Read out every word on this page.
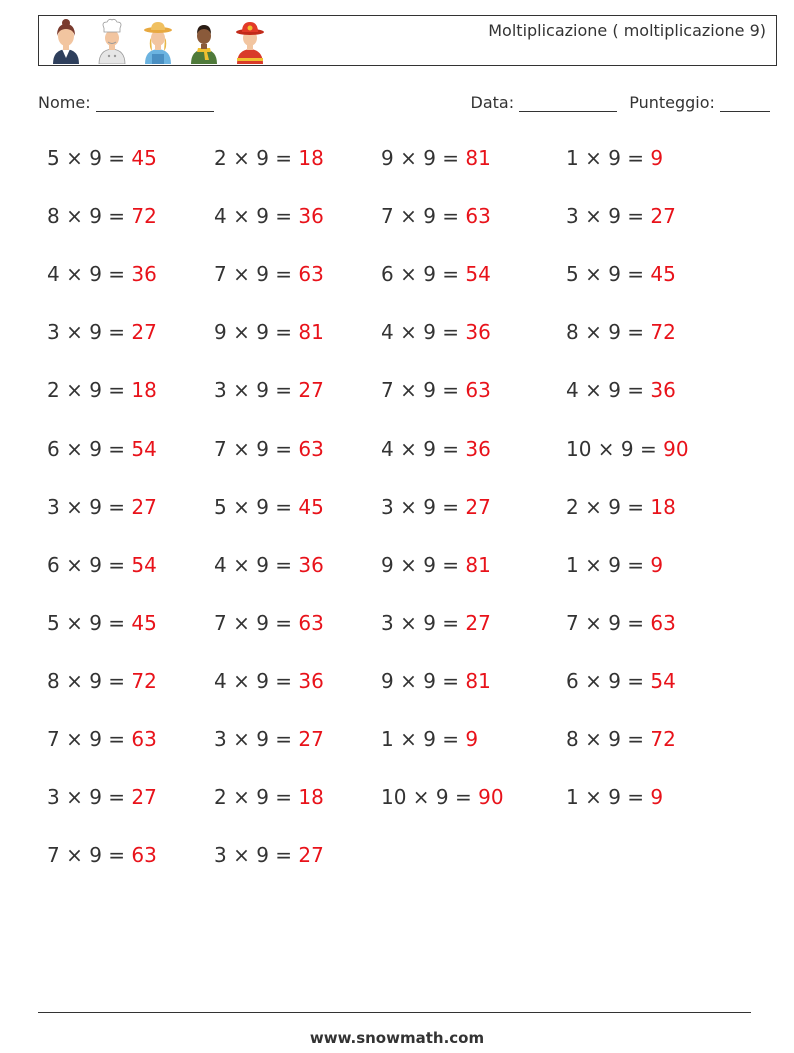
Moltiplicazione ( moltiplicazione 9)
Nome:	Data:	Punteggio:
5 × 9 = 45	2 × 9 = 18	9 × 9 = 81	1 × 9 = 9
8 × 9 = 72	4 × 9 = 36	7 × 9 = 63	3 × 9 = 27
4 × 9 = 36	7 × 9 = 63	6 × 9 = 54	5 × 9 = 45
3 × 9 = 27	9 × 9 = 81	4 × 9 = 36	8 × 9 = 72
2 × 9 = 18	3 × 9 = 27	7 × 9 = 63	4 × 9 = 36
6 × 9 = 54	7 × 9 = 63	4 × 9 = 36	10 × 9 = 90
3 × 9 = 27	5 × 9 = 45	3 × 9 = 27	2 × 9 = 18
6 × 9 = 54	4 × 9 = 36	9 × 9 = 81	1 × 9 = 9
5 × 9 = 45	7 × 9 = 63	3 × 9 = 27	7 × 9 = 63
8 × 9 = 72	4 × 9 = 36	9 × 9 = 81	6 × 9 = 54
7 × 9 = 63	3 × 9 = 27	1 × 9 = 9	8 × 9 = 72
3 × 9 = 27	2 × 9 = 18	10 × 9 = 90	1 × 9 = 9
7 × 9 = 63	3 × 9 = 27
www.snowmath.com
